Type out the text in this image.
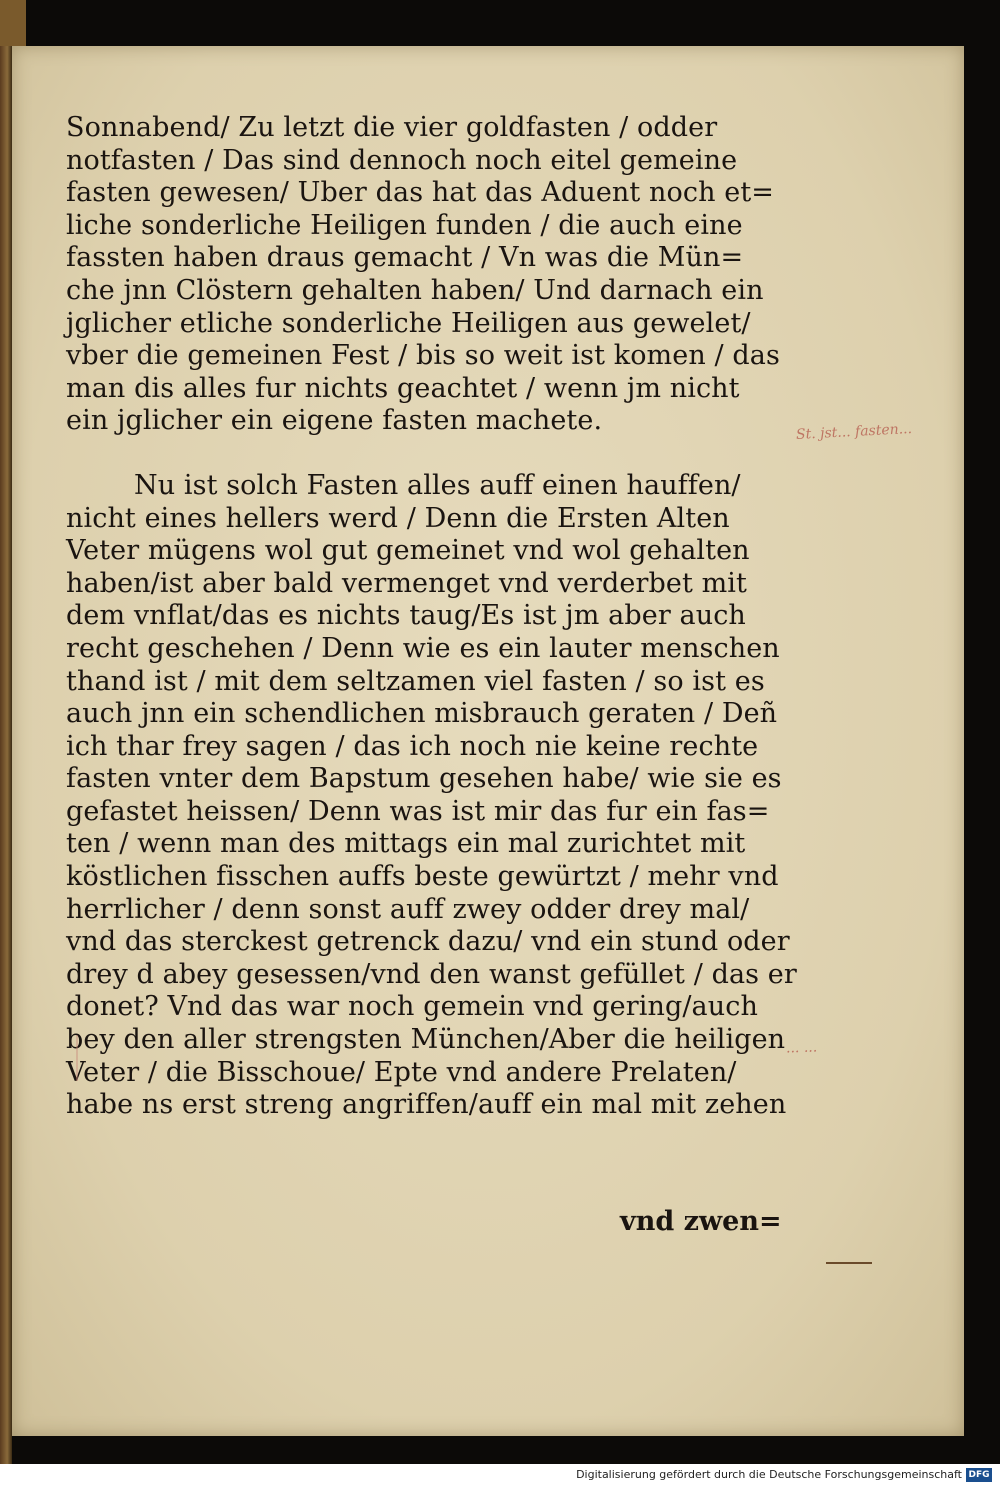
Sonnabend/ Zu letzt die vier goldfasten / odder
notfasten / Das sind dennoch noch eitel gemeine
fasten gewesen/ Uber das hat das Aduent noch et=
liche sonderliche Heiligen funden / die auch eine
fassten haben draus gemacht / Vn was die Mün=
che jnn Clöstern gehalten haben/ Und darnach ein
jglicher etliche sonderliche Heiligen aus gewelet/
vber die gemeinen Fest / bis so weit ist komen / das
man dis alles fur nichts geachtet / wenn jm nicht
ein jglicher ein eigene fasten machete.
Nu ist solch Fasten alles auff einen hauffen/
nicht eines hellers werd / Denn die Ersten Alten
Veter mügens wol gut gemeinet vnd wol gehalten
haben/ist aber bald vermenget vnd verderbet mit
dem vnflat/das es nichts taug/Es ist jm aber auch
recht geschehen / Denn wie es ein lauter menschen
thand ist / mit dem seltzamen viel fasten / so ist es
auch jnn ein schendlichen misbrauch geraten / Deñ
ich thar frey sagen / das ich noch nie keine rechte
fasten vnter dem Bapstum gesehen habe/ wie sie es
gefastet heissen/ Denn was ist mir das fur ein fas=
ten / wenn man des mittags ein mal zurichtet mit
köstlichen fisschen auffs beste gewürtzt / mehr vnd
herrlicher / denn sonst auff zwey odder drey mal/
vnd das sterckest getrenck dazu/ vnd ein stund oder
drey d abey gesessen/vnd den wanst gefüllet / das er
donet? Vnd das war noch gemein vnd gering/auch
bey den aller strengsten München/Aber die heiligen
Veter / die Bisschoue/ Epte vnd andere Prelaten/
habe ns erst streng angriffen/auff ein mal mit zehen
vnd zwen=
St. jst... fasten...
... ...
Digitalisierung gefördert durch die Deutsche Forschungsgemeinschaft DFG
